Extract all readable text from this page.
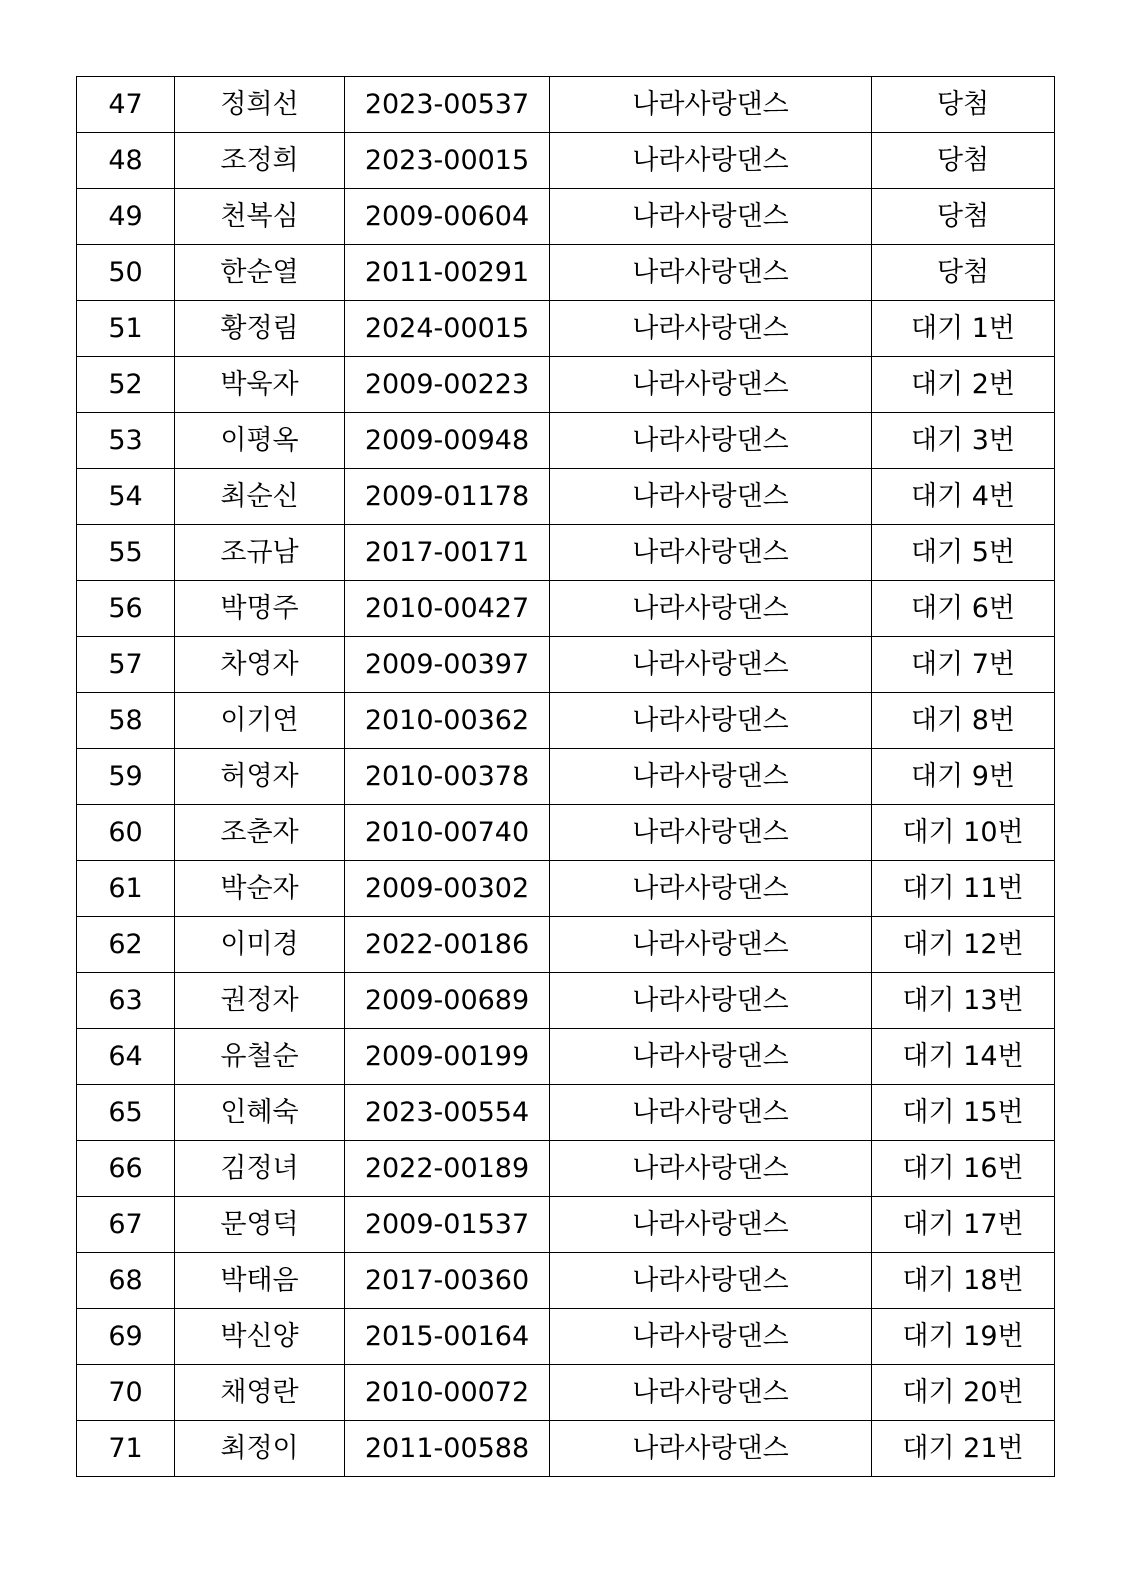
47	정희선	2023-00537	나라사랑댄스	당첨
48	조정희	2023-00015	나라사랑댄스	당첨
49	천복심	2009-00604	나라사랑댄스	당첨
50	한순열	2011-00291	나라사랑댄스	당첨
51	황정림	2024-00015	나라사랑댄스	대기 1번
52	박욱자	2009-00223	나라사랑댄스	대기 2번
53	이평옥	2009-00948	나라사랑댄스	대기 3번
54	최순신	2009-01178	나라사랑댄스	대기 4번
55	조규남	2017-00171	나라사랑댄스	대기 5번
56	박명주	2010-00427	나라사랑댄스	대기 6번
57	차영자	2009-00397	나라사랑댄스	대기 7번
58	이기연	2010-00362	나라사랑댄스	대기 8번
59	허영자	2010-00378	나라사랑댄스	대기 9번
60	조춘자	2010-00740	나라사랑댄스	대기 10번
61	박순자	2009-00302	나라사랑댄스	대기 11번
62	이미경	2022-00186	나라사랑댄스	대기 12번
63	권정자	2009-00689	나라사랑댄스	대기 13번
64	유철순	2009-00199	나라사랑댄스	대기 14번
65	인혜숙	2023-00554	나라사랑댄스	대기 15번
66	김정녀	2022-00189	나라사랑댄스	대기 16번
67	문영덕	2009-01537	나라사랑댄스	대기 17번
68	박태음	2017-00360	나라사랑댄스	대기 18번
69	박신양	2015-00164	나라사랑댄스	대기 19번
70	채영란	2010-00072	나라사랑댄스	대기 20번
71	최정이	2011-00588	나라사랑댄스	대기 21번
